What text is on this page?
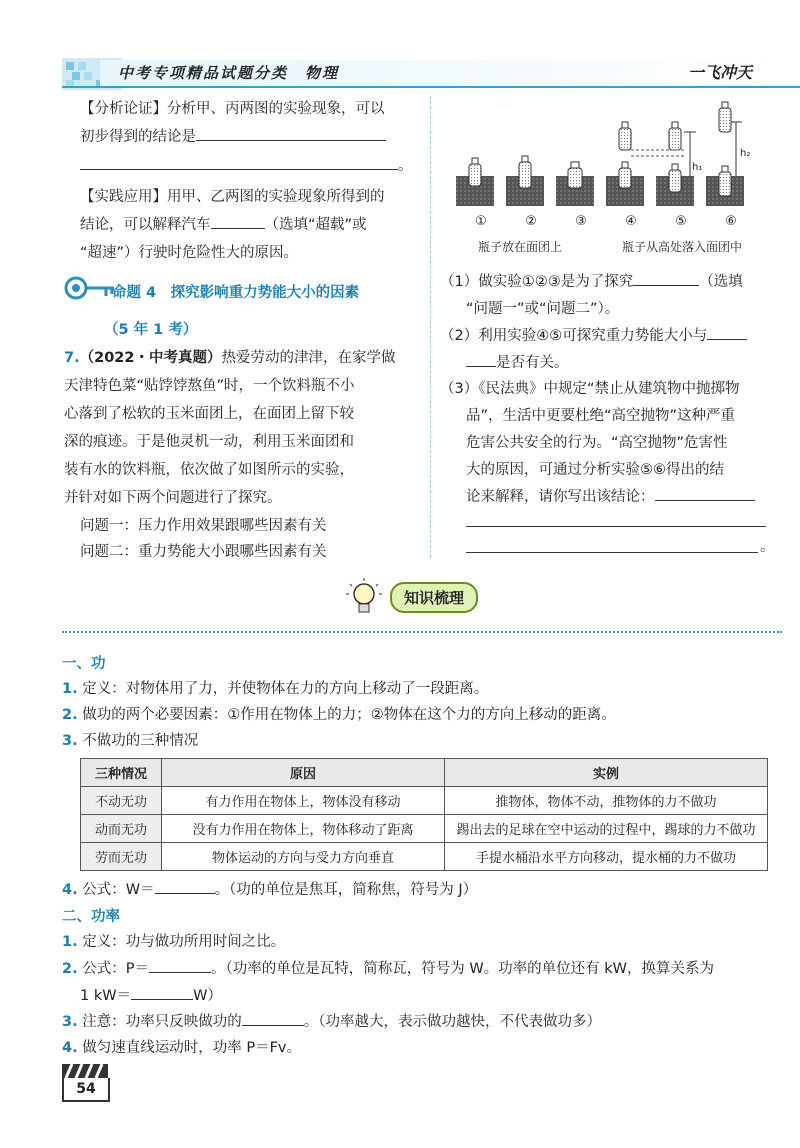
中考专项精品试题分类　物理	一飞冲天
【分析论证】分析甲、丙两图的实验现象，可以
初步得到的结论是
。
【实践应用】用甲、乙两图的实验现象所得到的
结论，可以解释汽车	（选填“超载”或
“超速”）行驶时危险性大的原因。
命题 4　探究影响重力势能大小的因素
（5 年 1 考）
7.（2022・中考真题）热爱劳动的津津，在家学做
天津特色菜“贴饽饽熬鱼”时，一个饮料瓶不小
心落到了松软的玉米面团上，在面团上留下较
深的痕迹。于是他灵机一动，利用玉米面团和
装有水的饮料瓶，依次做了如图所示的实验，
并针对如下两个问题进行了探究。
问题一：压力作用效果跟哪些因素有关
问题二：重力势能大小跟哪些因素有关
h₁
h₂
①	②	③	④	⑤	⑥
瓶子放在面团上	瓶子从高处落入面团中
（1）做实验①②③是为了探究	（选填
“问题一”或“问题二”）。
（2）利用实验④⑤可探究重力势能大小与
是否有关。
（3）《民法典》中规定“禁止从建筑物中抛掷物
品”，生活中更要杜绝“高空抛物”这种严重
危害公共安全的行为。“高空抛物”危害性
大的原因，可通过分析实验⑤⑥得出的结
论来解释，请你写出该结论：
。
知识梳理
一、功
1. 定义：对物体用了力，并使物体在力的方向上移动了一段距离。
2. 做功的两个必要因素：①作用在物体上的力；②物体在这个力的方向上移动的距离。
3. 不做功的三种情况
三种情况	原因	实例
不动无功	有力作用在物体上，物体没有移动	推物体，物体不动，推物体的力不做功
动而无功	没有力作用在物体上，物体移动了距离	踢出去的足球在空中运动的过程中，踢球的力不做功
劳而无功	物体运动的方向与受力方向垂直	手提水桶沿水平方向移动，提水桶的力不做功
4. 公式：W＝	。（功的单位是焦耳，简称焦，符号为 J）
二、功率
1. 定义：功与做功所用时间之比。
2. 公式：P＝	。（功率的单位是瓦特，简称瓦，符号为 W。功率的单位还有 kW，换算关系为
1 kW＝	W）
3. 注意：功率只反映做功的	。（功率越大，表示做功越快，不代表做功多）
4. 做匀速直线运动时，功率 P＝Fv。
54
